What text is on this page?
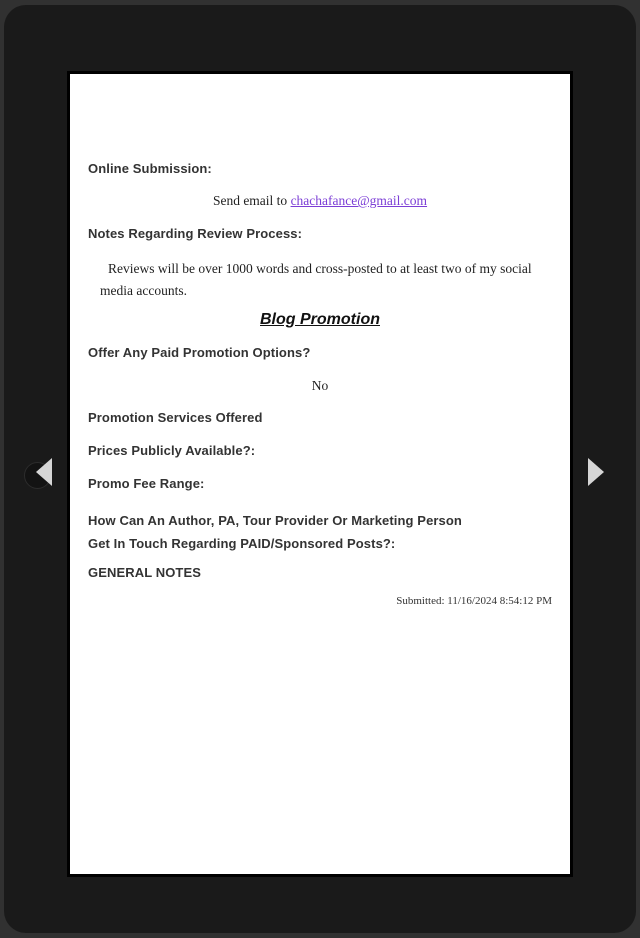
Online Submission:
Send email to chachafance@gmail.com
Notes Regarding Review Process:
Reviews will be over 1000 words and cross-posted to at least two of my social media accounts.
Blog Promotion
Offer Any Paid Promotion Options?
No
Promotion Services Offered
Prices Publicly Available?:
Promo Fee Range:
How Can An Author, PA, Tour Provider Or Marketing Person
Get In Touch Regarding PAID/Sponsored Posts?:
GENERAL NOTES
Submitted: 11/16/2024 8:54:12 PM
